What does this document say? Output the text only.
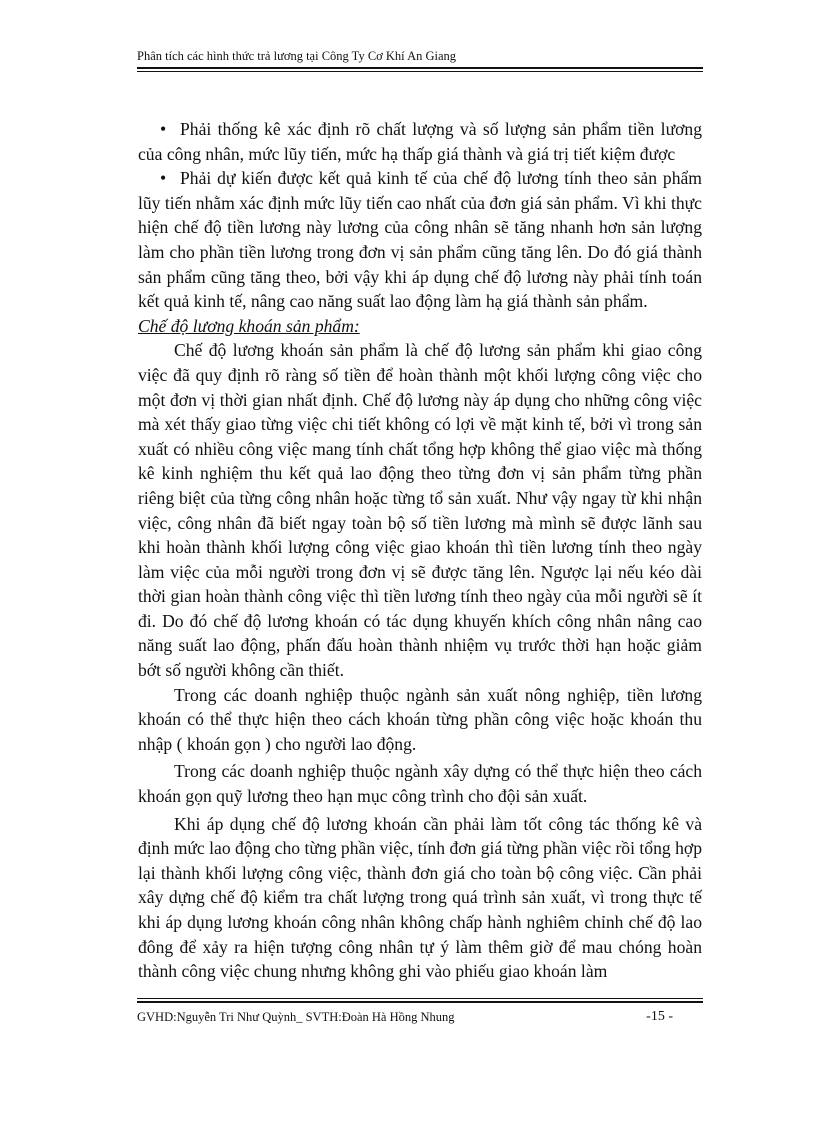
Phân tích các hình thức trả lương tại Công Ty Cơ Khí An Giang

• Phải thống kê xác định rõ chất lượng và số lượng sản phẩm tiền lương của công nhân, mức lũy tiến, mức hạ thấp giá thành và giá trị tiết kiệm được

• Phải dự kiến được kết quả kinh tế của chế độ lương tính theo sản phẩm lũy tiến nhằm xác định mức lũy tiến cao nhất của đơn giá sản phẩm. Vì khi thực hiện chế độ tiền lương này lương của công nhân sẽ tăng nhanh hơn sản lượng làm cho phần tiền lương trong đơn vị sản phẩm cũng tăng lên. Do đó giá thành sản phẩm cũng tăng theo, bởi vậy khi áp dụng chế độ lương này phải tính toán kết quả kinh tế, nâng cao năng suất lao động làm hạ giá thành sản phẩm.

Chế độ lương khoán sản phẩm:

Chế độ lương khoán sản phẩm là chế độ lương sản phẩm khi giao công việc đã quy định rõ ràng số tiền để hoàn thành một khối lượng công việc cho một đơn vị thời gian nhất định. Chế độ lương này áp dụng cho những công việc mà xét thấy giao từng việc chi tiết không có lợi về mặt kinh tế, bởi vì trong sản xuất có nhiều công việc mang tính chất tổng hợp không thể giao việc mà thống kê kinh nghiệm thu kết quả lao động theo từng đơn vị sản phẩm từng phần riêng biệt của từng công nhân hoặc từng tổ sản xuất. Như vậy ngay từ khi nhận việc, công nhân đã biết ngay toàn bộ số tiền lương mà mình sẽ được lãnh sau khi hoàn thành khối lượng công việc giao khoán thì tiền lương tính theo ngày làm việc của mỗi người trong đơn vị sẽ được tăng lên. Ngược lại nếu kéo dài thời gian hoàn thành công việc thì tiền lương tính theo ngày của mỗi người sẽ ít đi. Do đó chế độ lương khoán có tác dụng khuyến khích công nhân nâng cao năng suất lao động, phấn đấu hoàn thành nhiệm vụ trước thời hạn hoặc giảm bớt số người không cần thiết.

Trong các doanh nghiệp thuộc ngành sản xuất nông nghiệp, tiền lương khoán có thể thực hiện theo cách khoán từng phần công việc hoặc khoán thu nhập ( khoán gọn ) cho người lao động.

Trong các doanh nghiệp thuộc ngành xây dựng có thể thực hiện theo cách khoán gọn quỹ lương theo hạn mục công trình cho đội sản xuất.

Khi áp dụng chế độ lương khoán cần phải làm tốt công tác thống kê và định mức lao động cho từng phần việc, tính đơn giá từng phần việc rồi tổng hợp lại thành khối lượng công việc, thành đơn giá cho toàn bộ công việc. Cần phải xây dựng chế độ kiểm tra chất lượng trong quá trình sản xuất, vì trong thực tế khi áp dụng lương khoán công nhân không chấp hành nghiêm chỉnh chế độ lao đông để xảy ra hiện tượng công nhân tự ý làm thêm giờ để mau chóng hoàn thành công việc chung nhưng không ghi vào phiếu giao khoán làm

GVHD:Nguyễn Tri Như Quỳnh_ SVTH:Đoàn Hà Hồng Nhung	-15 -
